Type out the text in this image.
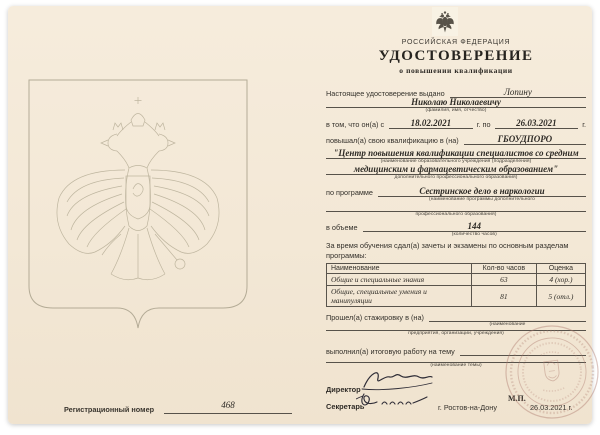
Регистрационный номер	468
РОССИЙСКАЯ ФЕДЕРАЦИЯ
УДОСТОВЕРЕНИЕ
о повышении квалификации
Настоящее удостоверение выдано	Лопину
Николаю Николаевичу
(фамилия, имя, отчество)
в том, что он(а) с	18.02.2021	г. по	26.03.2021	г.
повышал(а) свою квалификацию в (на)	ГБОУДПОРО
"Центр повышения квалификации специалистов со средним
(наименование образовательного учреждения (подразделения)
медицинским и фармацевтическим образованием"
дополнительного профессионального образования)
по программе	Сестринское дело в наркологии
(наименование программы дополнительного
профессионального образования)
в объеме	144
(количество часов)
За время обучения сдал(а) зачеты и экзамены по основным разделам программы:
Наименование	Кол-во часов	Оценка
Общие и специальные знания	63	4 (хор.)
Общие, специальные умения и манипуляции	81	5 (отл.)
Прошел(а) стажировку в (на)
(наименование
предприятия, организации, учреждения)
выполнил(а) итоговую работу на тему
(наименование темы)
Директор
М.П.
Секретарь	г. Ростов-на-Дону	26.03.2021 г.
